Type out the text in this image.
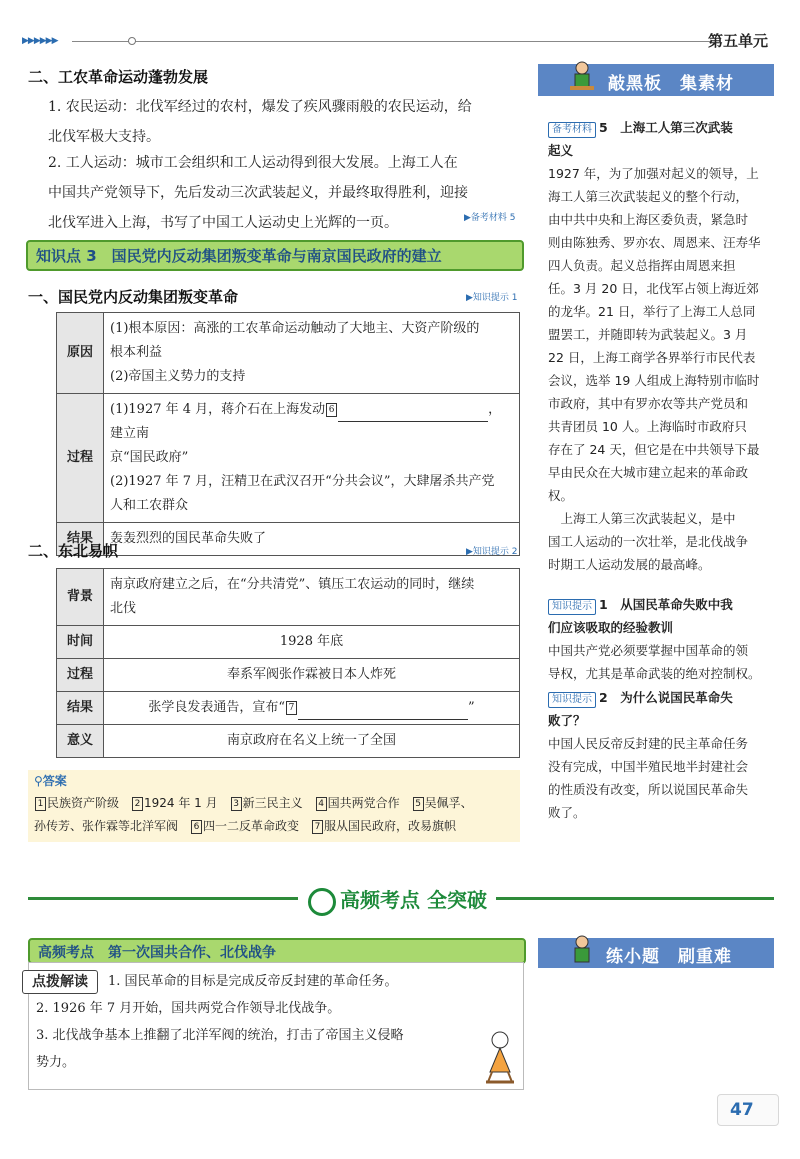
▶▶▶▶▶▶	第五单元
二、工农革命运动蓬勃发展
1. 农民运动：北伐军经过的农村，爆发了疾风骤雨般的农民运动，给
北伐军极大支持。
2. 工人运动：城市工会组织和工人运动得到很大发展。上海工人在
中国共产党领导下，先后发动三次武装起义，并最终取得胜利，迎接
北伐军进入上海，书写了中国工人运动史上光辉的一页。	▶备考材料 5
知识点 3　国民党内反动集团叛变革命与南京国民政府的建立
一、国民党内反动集团叛变革命	▶知识提示 1
原因	(1)根本原因：高涨的工农革命运动触动了大地主、大资产阶级的
根本利益
(2)帝国主义势力的支持

过程	(1)1927 年 4 月，蒋介石在上海发动 6 ，建立南
京“国民政府”
(2)1927 年 7 月，汪精卫在武汉召开“分共会议”，大肆屠杀共产党
人和工农群众

结果	轰轰烈烈的国民革命失败了
二、东北易帜	▶知识提示 2
背景	南京政府建立之后，在“分共清党”、镇压工农运动的同时，继续
北伐

时间	1928 年底
过程	奉系军阀张作霖被日本人炸死
结果	张学良发表通告，宣布“ 7 ”
意义	南京政府在名义上统一了全国
⚲答案
1 民族资产阶级 2 1924 年 1 月 3 新三民主义 4 国共两党合作 5 吴佩孚、
孙传芳、张作霖等北洋军阀 6 四一二反革命政变 7 服从国民政府，改易旗帜
敲黑板　集素材
备考材料 5　上海工人第三次武装
起义
1927 年，为了加强对起义的领导，上
海工人第三次武装起义的整个行动，
由中共中央和上海区委负责，紧急时
则由陈独秀、罗亦农、周恩来、汪寿华
四人负责。起义总指挥由周恩来担
任。3 月 20 日，北伐军占领上海近郊
的龙华。21 日，举行了上海工人总同
盟罢工，并随即转为武装起义。3 月
22 日，上海工商学各界举行市民代表
会议，选举 19 人组成上海特别市临时
市政府，其中有罗亦农等共产党员和
共青团员 10 人。上海临时市政府只
存在了 24 天，但它是在中共领导下最
早由民众在大城市建立起来的革命政权。
　上海工人第三次武装起义，是中
国工人运动的一次壮举，是北伐战争
时期工人运动发展的最高峰。
知识提示 1　从国民革命失败中我
们应该吸取的经验教训
中国共产党必须要掌握中国革命的领
导权，尤其是革命武装的绝对控制权。
知识提示 2　为什么说国民革命失
败了？
中国人民反帝反封建的民主革命任务
没有完成，中国半殖民地半封建社会
的性质没有改变，所以说国民革命失
败了。
高频考点 全突破
高频考点　第一次国共合作、北伐战争
点拨解读	1. 国民革命的目标是完成反帝反封建的革命任务。
2. 1926 年 7 月开始，国共两党合作领导北伐战争。
3. 北伐战争基本上推翻了北洋军阀的统治，打击了帝国主义侵略
势力。
练小题　刷重难
47
